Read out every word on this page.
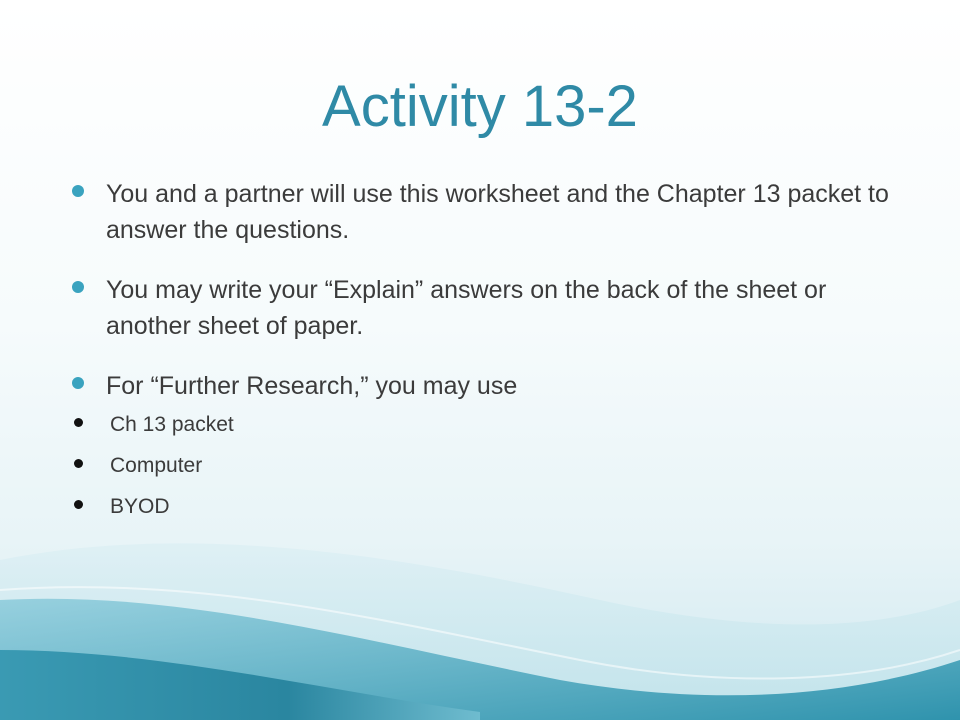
Activity 13-2
You and a partner will use this worksheet and the Chapter 13 packet to answer the questions.
You may write your “Explain” answers on the back of the sheet or another sheet of paper.
For “Further Research,” you may use
Ch 13 packet
Computer
BYOD
